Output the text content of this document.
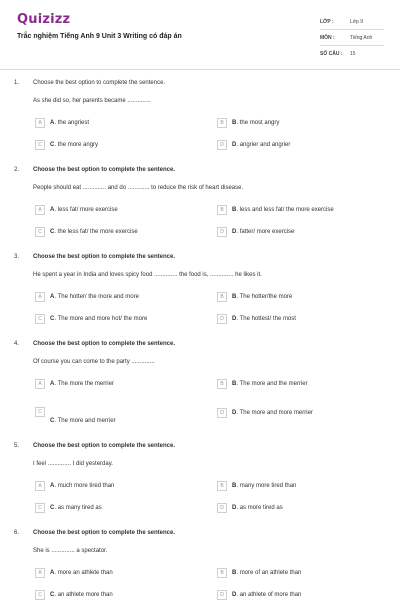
Quizizz
Trắc nghiệm Tiếng Anh 9 Unit 3 Writing có đáp án
LỚP :	Lớp 9
MÔN :	Tiếng Anh
SỐ CÂU :	15
1. Choose the best option to complete the sentence.
As she did so, her parents became ..............
A	A. the angriest	B	B. the most angry
C	C. the more angry	D	D. angrier and angrier
2. Choose the best option to complete the sentence.
People should eat .............. and do ............. to reduce the risk of heart disease.
A	A. less fat/ more exercise	B	B. less and less fat/ the more exercise
C	C. the less fat/ the more exercise	D	D. fatter/ more exercise
3. Choose the best option to complete the sentence.
He spent a year in India and loves spicy food .............. the food is, .............. he likes it.
A	A. The hotter/ the more and more	B	B. The hotter/the more
C	C. The more and more hot/ the more	D	D. The hottest/ the most
4. Choose the best option to complete the sentence.
Of course you can come to the party ..............
A	A. The more the merrier	B	B. The more and the merrier
C
C. The more and merrier
D	D. The more and more merrier
5. Choose the best option to complete the sentence.
I feel .............. I did yesterday.
A	A. much more tired than	B	B. many more tired than
C	C. as many tired as	D	D. as more tired as
6. Choose the best option to complete the sentence.
She is .............. a spectator.
A	A. more an athlete than	B	B. more of an athlete than
C	C. an athlete more than	D	D. an athlete of more than
